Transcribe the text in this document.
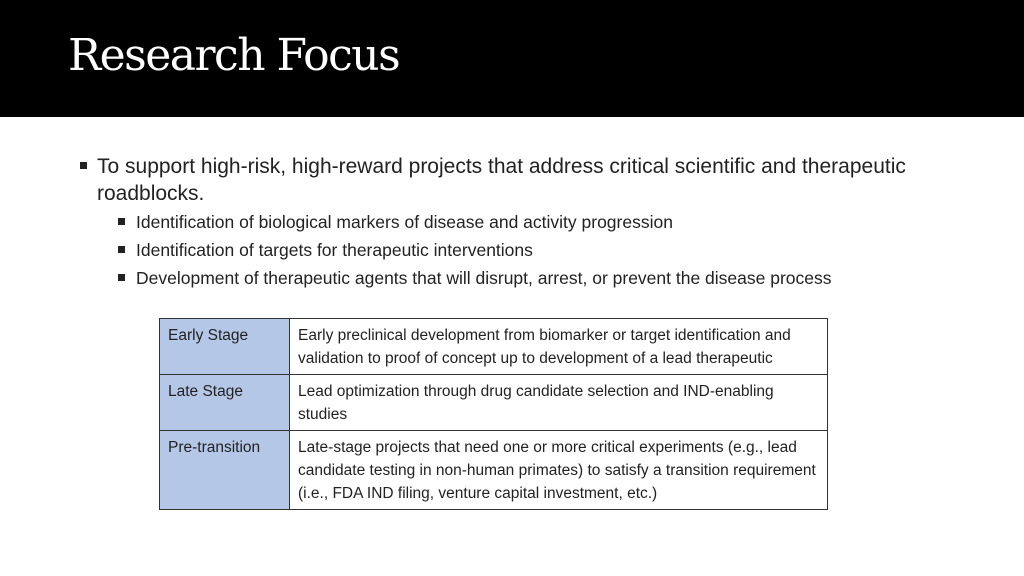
Research Focus
To support high-risk, high-reward projects that address critical scientific and therapeutic roadblocks.
Identification of biological markers of disease and activity progression
Identification of targets for therapeutic interventions
Development of therapeutic agents that will disrupt, arrest, or prevent the disease process
Early Stage	Early preclinical development from biomarker or target identification and validation to proof of concept up to development of a lead therapeutic
Late Stage	Lead optimization through drug candidate selection and IND-enabling studies
Pre-transition	Late-stage projects that need one or more critical experiments (e.g., lead candidate testing in non-human primates) to satisfy a transition requirement (i.e., FDA IND filing, venture capital investment, etc.)
